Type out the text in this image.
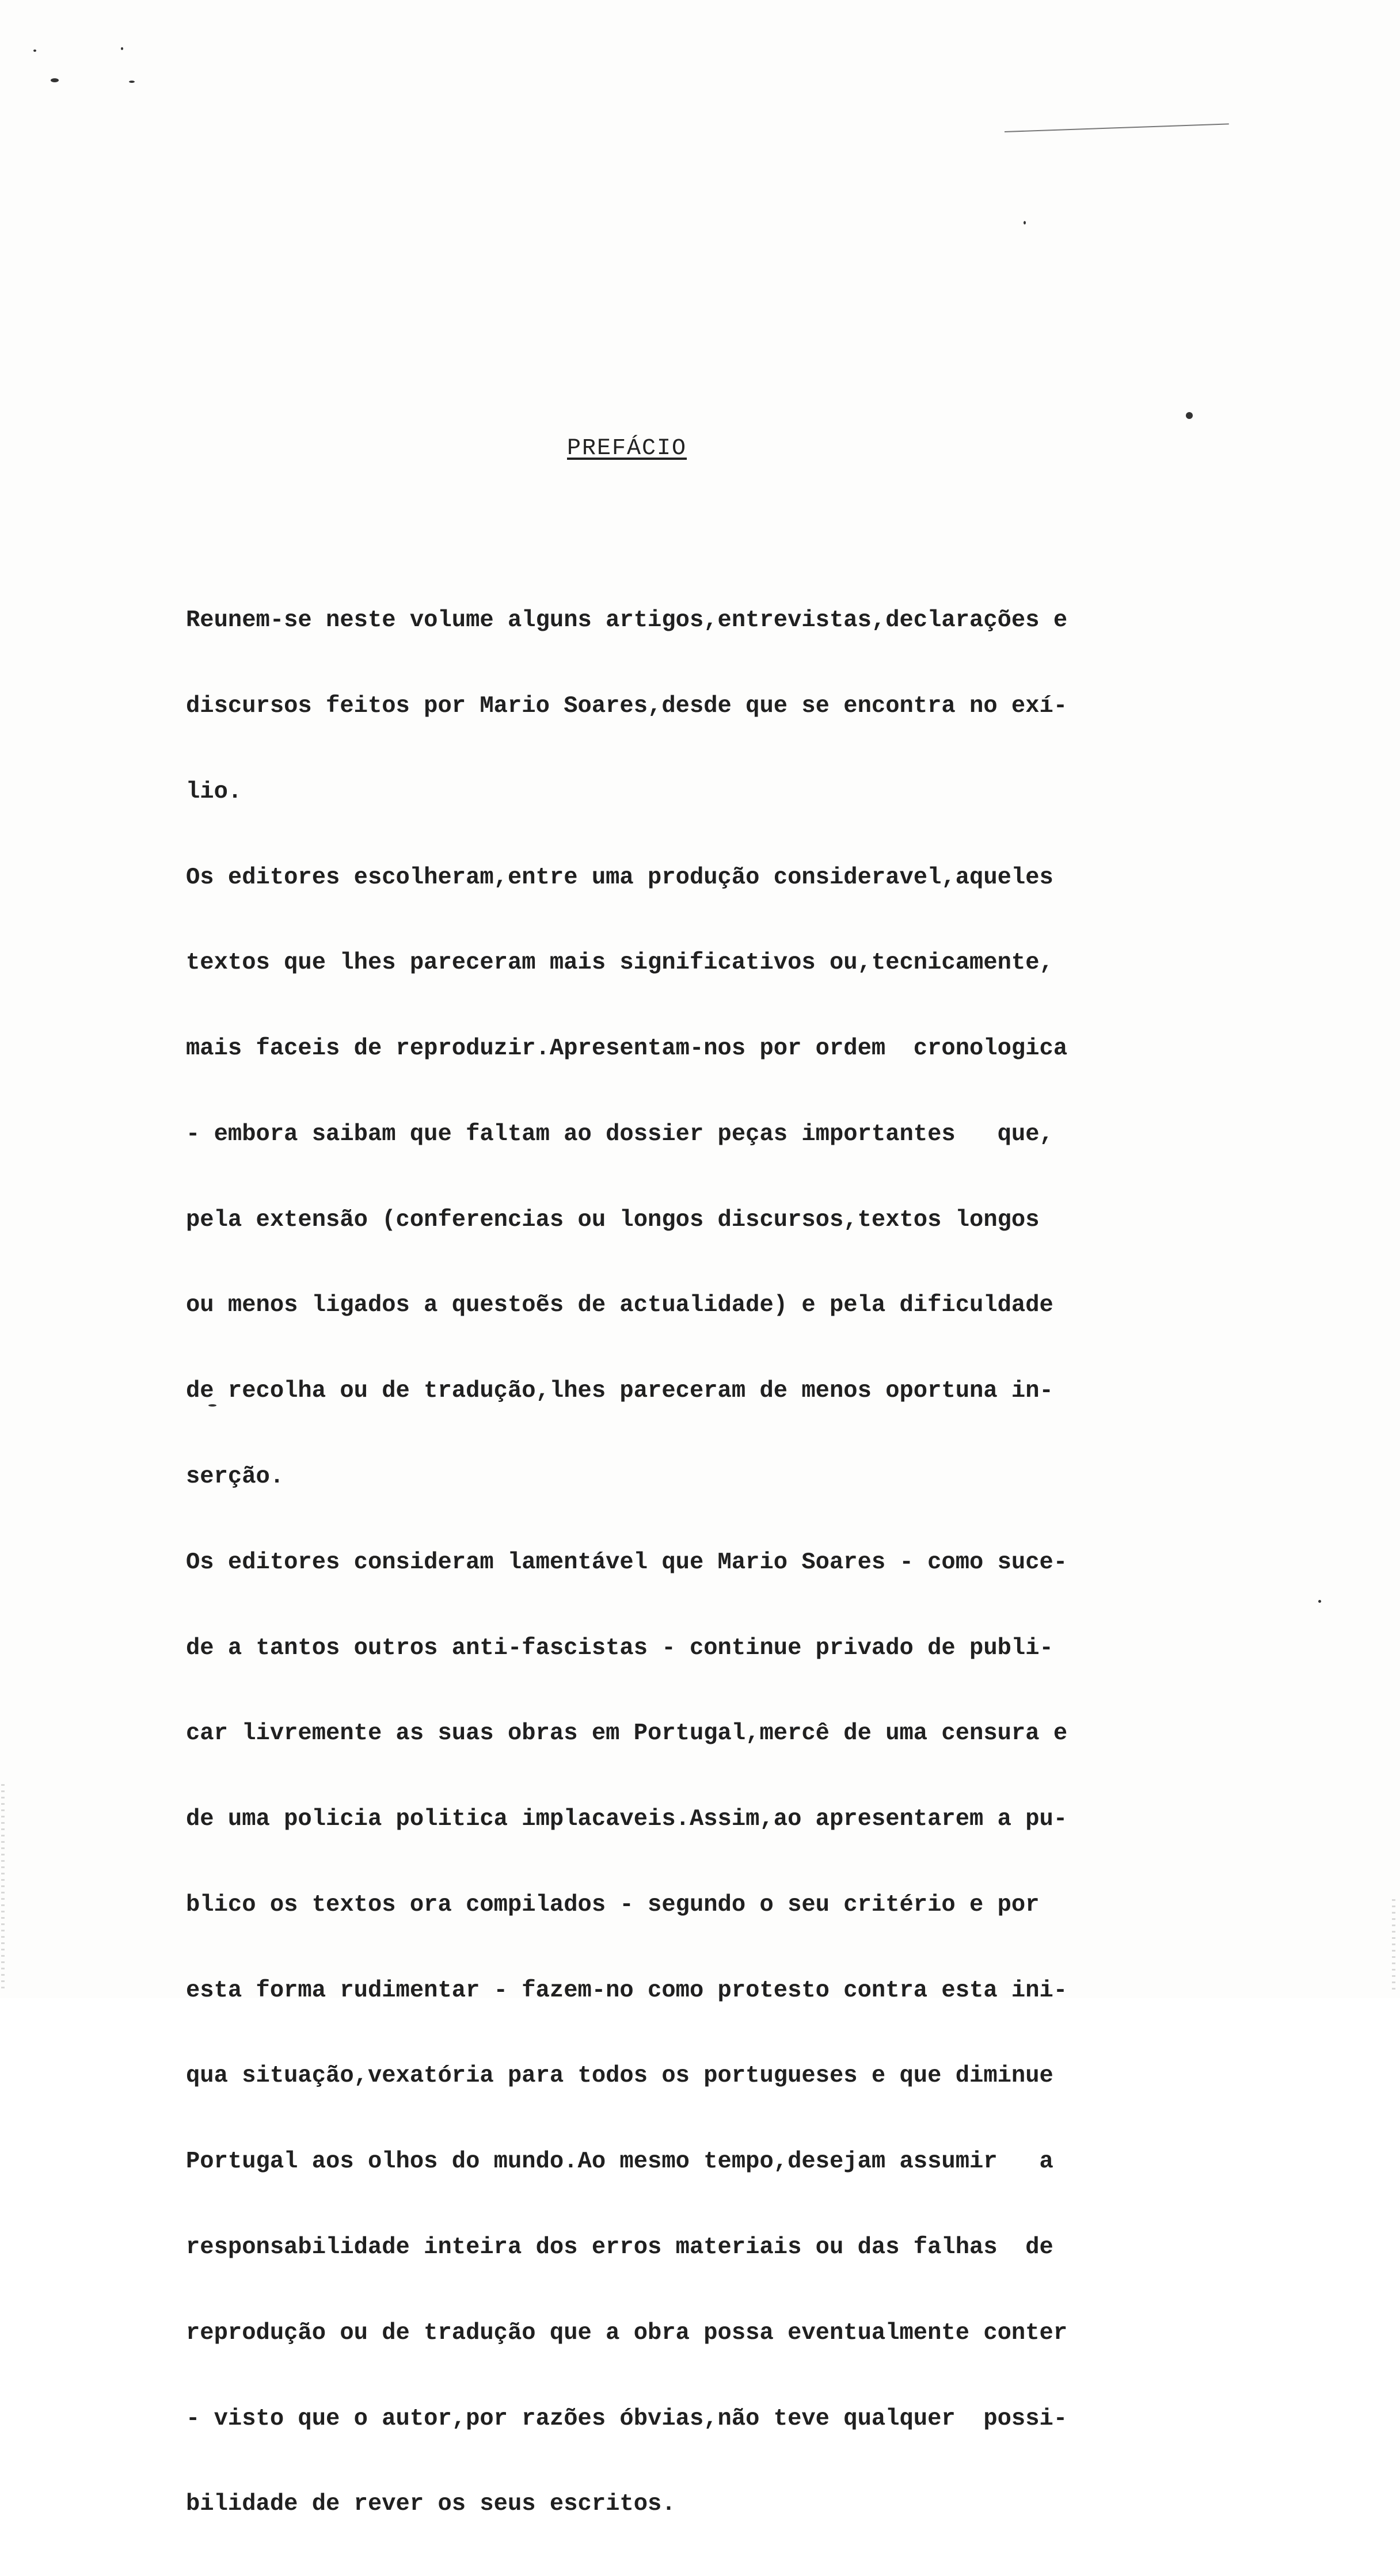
PREFÁCIO

Reunem-se neste volume alguns artigos,entrevistas,declarações e

discursos feitos por Mario Soares,desde que se encontra no exí-

lio.

Os editores escolheram,entre uma produção consideravel,aqueles

textos que lhes pareceram mais significativos ou,tecnicamente,

mais faceis de reproduzir.Apresentam-nos por ordem  cronologica

- embora saibam que faltam ao dossier peças importantes   que,

pela extensão (conferencias ou longos discursos,textos longos

ou menos ligados a questoẽs de actualidade) e pela dificuldade

de recolha ou de tradução,lhes pareceram de menos oportuna in-

serção.

Os editores consideram lamentável que Mario Soares - como suce-

de a tantos outros anti-fascistas - continue privado de publi-

car livremente as suas obras em Portugal,mercê de uma censura e

de uma policia politica implacaveis.Assim,ao apresentarem a pu-

blico os textos ora compilados - segundo o seu critério e por

esta forma rudimentar - fazem-no como protesto contra esta ini-

qua situação,vexatória para todos os portugueses e que diminue

Portugal aos olhos do mundo.Ao mesmo tempo,desejam assumir   a

responsabilidade inteira dos erros materiais ou das falhas  de

reprodução ou de tradução que a obra possa eventualmente conter

- visto que o autor,por razões óbvias,não teve qualquer  possi-

bilidade de rever os seus escritos.
